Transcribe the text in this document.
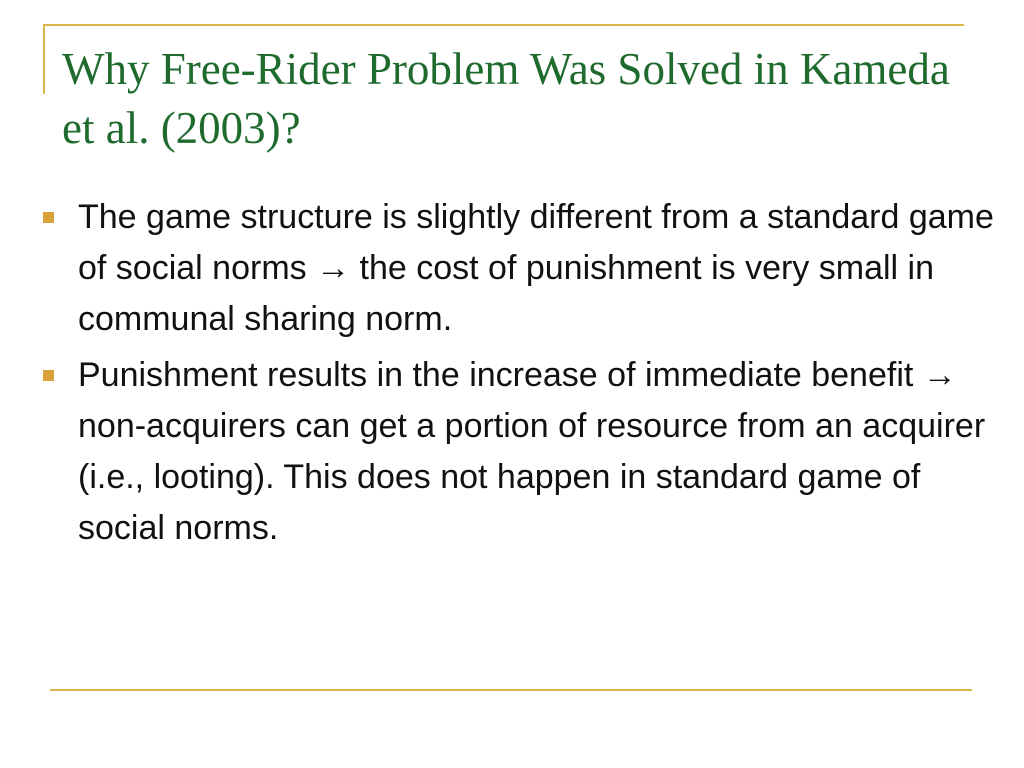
Why Free-Rider Problem Was Solved in Kameda et al. (2003)?
The game structure is slightly different from a standard game of social norms → the cost of punishment is very small in communal sharing norm.
Punishment results in the increase of immediate benefit → non-acquirers can get a portion of resource from an acquirer (i.e., looting). This does not happen in standard game of social norms.
